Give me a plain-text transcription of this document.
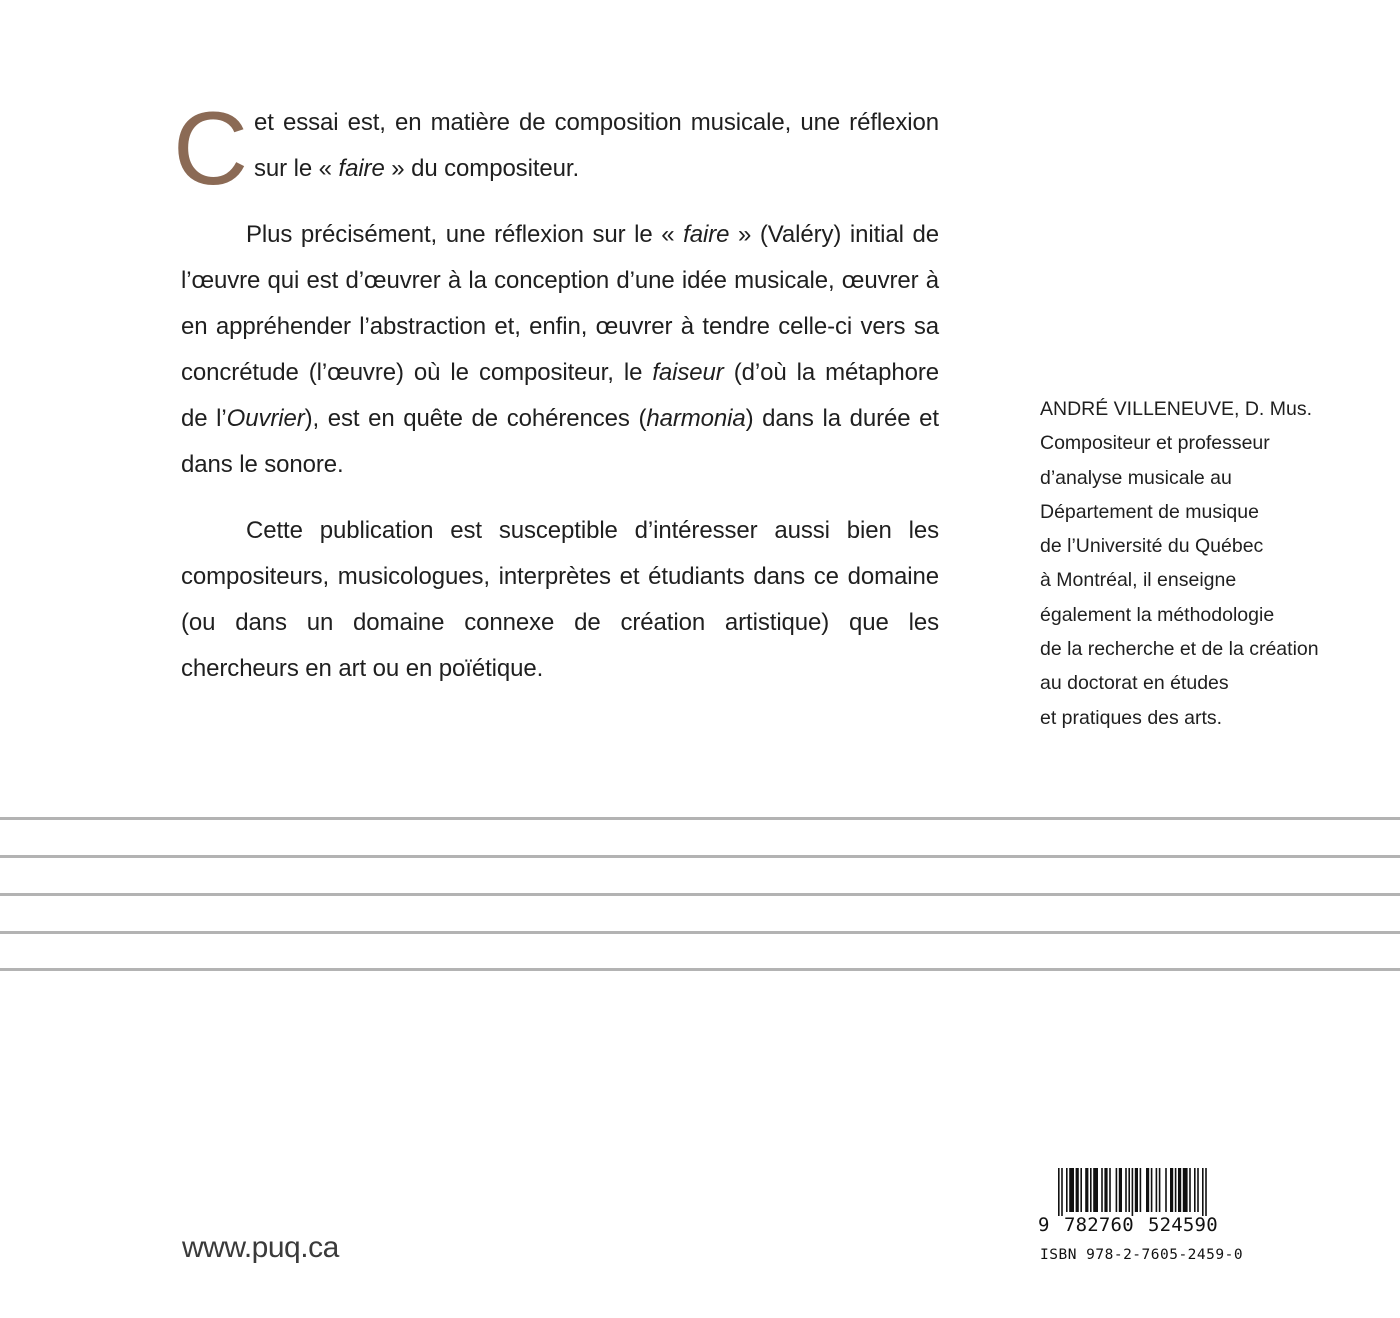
Cet essai est, en matière de composition musicale, une réflexion sur le « faire » du compositeur.

Plus précisément, une réflexion sur le « faire » (Valéry) initial de l’œuvre qui est d’œuvrer à la conception d’une idée musicale, œuvrer à en appréhender l’abstraction et, enfin, œuvrer à tendre celle-ci vers sa concrétude (l’œuvre) où le compositeur, le faiseur (d’où la métaphore de l’Ouvrier), est en quête de cohérences (harmonia) dans la durée et dans le sonore.

Cette publication est susceptible d’intéresser aussi bien les compositeurs, musicologues, interprètes et étudiants dans ce domaine (ou dans un domaine connexe de création artistique) que les chercheurs en art ou en poïétique.

ANDRÉ VILLENEUVE, D. Mus.
Compositeur et professeur
d’analyse musicale au
Département de musique
de l’Université du Québec
à Montréal, il enseigne
également la méthodologie
de la recherche et de la création
au doctorat en études
et pratiques des arts.
www.puq.ca
9 782760 524590
ISBN 978-2-7605-2459-0
